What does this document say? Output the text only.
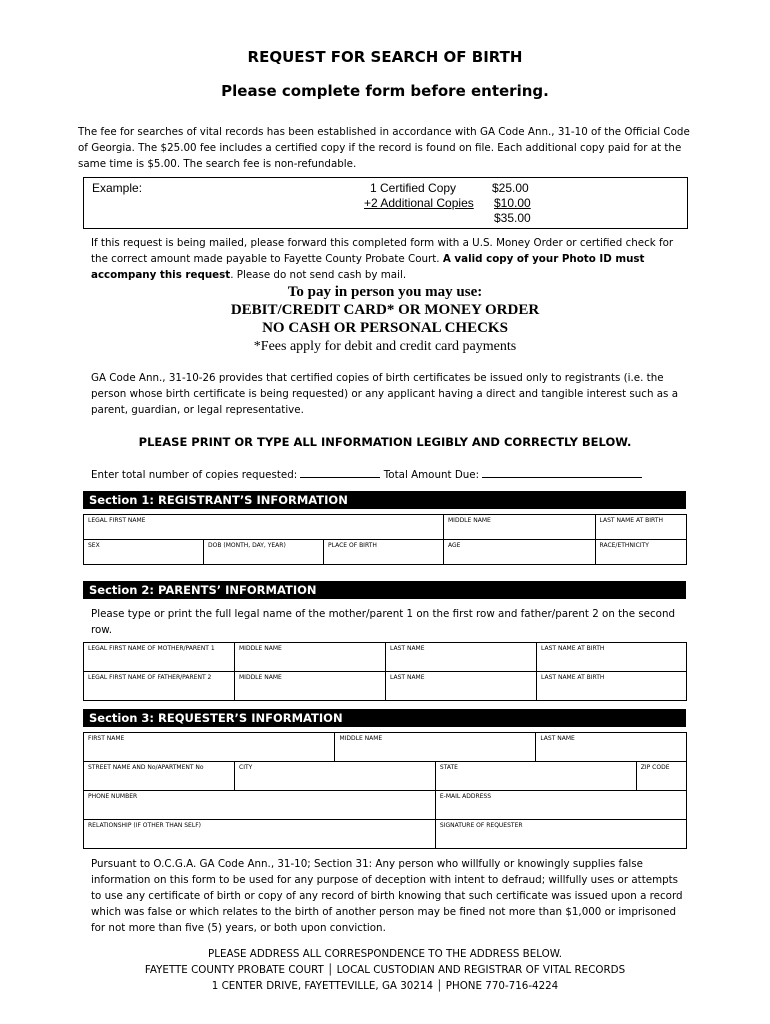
REQUEST FOR SEARCH OF BIRTH
Please complete form before entering.
The fee for searches of vital records has been established in accordance with GA Code Ann., 31-10 of the Official Code of Georgia. The $25.00 fee includes a certified copy if the record is found on file. Each additional copy paid for at the same time is $5.00. The search fee is non-refundable.
Example:	1 Certified Copy	$25.00
+2 Additional Copies $10.00
$35.00
If this request is being mailed, please forward this completed form with a U.S. Money Order or certified check for the correct amount made payable to Fayette County Probate Court. A valid copy of your Photo ID must accompany this request. Please do not send cash by mail.
To pay in person you may use:
DEBIT/CREDIT CARD* OR MONEY ORDER
NO CASH OR PERSONAL CHECKS
*Fees apply for debit and credit card payments
GA Code Ann., 31-10-26 provides that certified copies of birth certificates be issued only to registrants (i.e. the person whose birth certificate is being requested) or any applicant having a direct and tangible interest such as a parent, guardian, or legal representative.
PLEASE PRINT OR TYPE ALL INFORMATION LEGIBLY AND CORRECTLY BELOW.
Enter total number of copies requested:	Total Amount Due:
Section 1: REGISTRANT’S INFORMATION
LEGAL FIRST NAME			MIDDLE NAME	LAST NAME AT BIRTH
SEX	DOB (MONTH, DAY, YEAR)	PLACE OF BIRTH	AGE	RACE/ETHNICITY
Section 2: PARENTS’ INFORMATION
Please type or print the full legal name of the mother/parent 1 on the first row and father/parent 2 on the second row.
LEGAL FIRST NAME OF MOTHER/PARENT 1	MIDDLE NAME	LAST NAME	LAST NAME AT BIRTH
LEGAL FIRST NAME OF FATHER/PARENT 2	MIDDLE NAME	LAST NAME	LAST NAME AT BIRTH
Section 3: REQUESTER’S INFORMATION
FIRST NAME		MIDDLE NAME		LAST NAME	
STREET NAME AND No/APARTMENT No	CITY		STATE		ZIP CODE
PHONE NUMBER			E-MAIL ADDRESS		
RELATIONSHIP (IF OTHER THAN SELF)			SIGNATURE OF REQUESTER		
Pursuant to O.C.G.A. GA Code Ann., 31-10; Section 31: Any person who willfully or knowingly supplies false information on this form to be used for any purpose of deception with intent to defraud; willfully uses or attempts to use any certificate of birth or copy of any record of birth knowing that such certificate was issued upon a record which was false or which relates to the birth of another person may be fined not more than $1,000 or imprisoned for not more than five (5) years, or both upon conviction.
PLEASE ADDRESS ALL CORRESPONDENCE TO THE ADDRESS BELOW.
FAYETTE COUNTY PROBATE COURT │ LOCAL CUSTODIAN AND REGISTRAR OF VITAL RECORDS
1 CENTER DRIVE, FAYETTEVILLE, GA 30214 │ PHONE 770-716-4224
